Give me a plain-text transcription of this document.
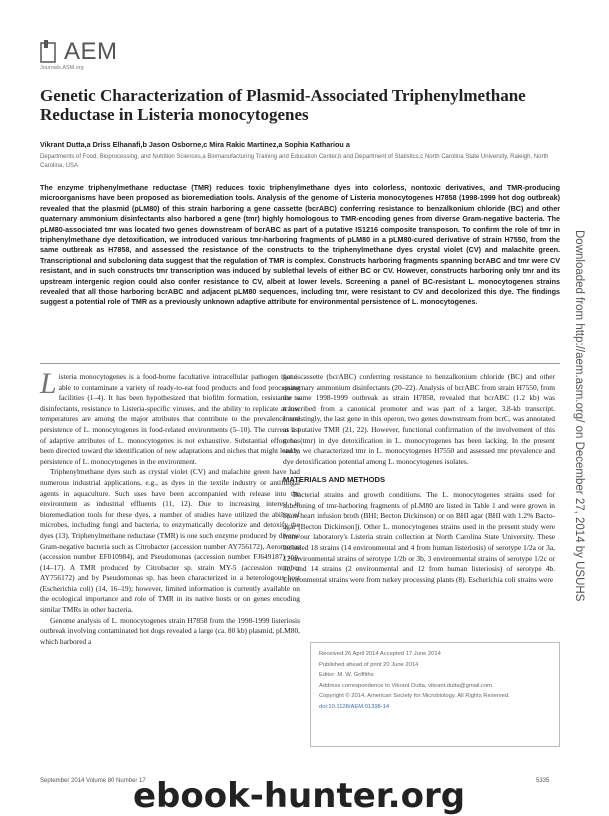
AEM
Journals.ASM.org
Genetic Characterization of Plasmid-Associated Triphenylmethane Reductase in Listeria monocytogenes
Vikrant Dutta,a Driss Elhanafi,b Jason Osborne,c Mira Rakic Martinez,a Sophia Kathariou a
Departments of Food, Bioprocessing, and Nutrition Sciences,a Biomanufacturing Training and Education Center,b and Department of Statistics,c North Carolina State University, Raleigh, North Carolina, USA
The enzyme triphenylmethane reductase (TMR) reduces toxic triphenylmethane dyes into colorless, nontoxic derivatives, and TMR-producing microorganisms have been proposed as bioremediation tools. Analysis of the genome of Listeria monocytogenes H7858 (1998-1999 hot dog outbreak) revealed that the plasmid (pLM80) of this strain harboring a gene cassette (bcrABC) conferring resistance to benzalkonium chloride (BC) and other quaternary ammonium disinfectants also harbored a gene (tmr) highly homologous to TMR-encoding genes from diverse Gram-negative bacteria. The pLM80-associated tmr was located two genes downstream of bcrABC as part of a putative IS1216 composite transposon. To confirm the role of tmr in triphenylmethane dye detoxification, we introduced various tmr-harboring fragments of pLM80 in a pLM80-cured derivative of strain H7550, from the same outbreak as H7858, and assessed the resistance of the constructs to the triphenylmethane dyes crystal violet (CV) and malachite green. Transcriptional and subcloning data suggest that the regulation of TMR is complex. Constructs harboring fragments spanning bcrABC and tmr were CV resistant, and in such constructs tmr transcription was induced by sublethal levels of either BC or CV. However, constructs harboring only tmr and its upstream intergenic region could also confer resistance to CV, albeit at lower levels. Screening a panel of BC-resistant L. monocytogenes strains revealed that all those harboring bcrABC and adjacent pLM80 sequences, including tmr, were resistant to CV and decolorized this dye. The findings suggest a potential role of TMR as a previously unknown adaptive attribute for environmental persistence of L. monocytogenes.

Listeria monocytogenes is a food-borne facultative intracellular pathogen that is able to contaminate a variety of ready-to-eat food products and food processing facilities (1–4). It has been hypothesized that biofilm formation, resistance to disinfectants, resistance to Listeria-specific viruses, and the ability to replicate at low temperatures are among the major attributes that contribute to the prevalence and persistence of L. monocytogenes in food-related environments (5–10). The current list of adaptive attributes of L. monocytogenes is not exhaustive. Substantial effort has been directed toward the identification of new adaptations and niches that might lead to persistence of L. monocytogenes in the environment.

Triphenylmethane dyes such as crystal violet (CV) and malachite green have had numerous industrial applications, e.g., as dyes in the textile industry or antifungal agents in aquaculture. Such uses have been accompanied with release into the environment as industrial effluents (11, 12). Due to increasing interest in bioremediation tools for these dyes, a number of studies have utilized the ability of microbes, including fungi and bacteria, to enzymatically decolorize and detoxify the dyes (13). Triphenylmethane reductase (TMR) is one such enzyme produced by diverse Gram-negative bacteria such as Citrobacter (accession number AY756172), Aeromonas (accession number EF010984), and Pseudomonas (accession number FJ649187) spp. (14–17). A TMR produced by Citrobacter sp. strain MY-5 (accession number AY756172) and by Pseudomonas sp. has been characterized in a heterologous host (Escherichia coli) (14, 16–19); however, limited information is currently available on the ecological importance and role of TMR in its native hosts or on genes encoding similar TMRs in other bacteria.

Genome analysis of L. monocytogenes strain H7858 from the 1998-1999 listeriosis outbreak involving contaminated hot dogs revealed a large (ca. 80 kb) plasmid, pLM80, which harbored a

gene cassette (bcrABC) conferring resistance to benzalkonium chloride (BC) and other quaternary ammonium disinfectants (20–22). Analysis of bcrABC from strain H7550, from the same 1998-1999 outbreak as strain H7858, revealed that bcrABC (1.2 kb) was transcribed from a canonical promoter and was part of a larger, 3.8-kb transcript. Interestingly, the last gene in this operon, two genes downstream from bcrC, was annotated as a putative TMR (21, 22). However, functional confirmation of the involvement of this gene (tmr) in dye detoxification in L. monocytogenes has been lacking. In the present study, we characterized tmr in L. monocytogenes H7550 and assessed tmr prevalence and dye detoxification potential among L. monocytogenes isolates.

MATERIALS AND METHODS

Bacterial strains and growth conditions. The L. monocytogenes strains used for subcloning of tmr-harboring fragments of pLM80 are listed in Table 1 and were grown in brain heart infusion broth (BHI; Becton Dickinson) or on BHI agar (BHI with 1.2% Bacto-agar [Becton Dickinson]). Other L. monocytogenes strains used in the present study were from our laboratory's Listeria strain collection at North Carolina State University. These included 18 strains (14 environmental and 4 from human listeriosis) of serotype 1/2a or 3a, 12 environmental strains of serotype 1/2b or 3b, 3 environmental strains of serotype 1/2c or 3c, and 14 strains (2 environmental and 12 from human listeriosis) of serotype 4b. Environmental strains were from turkey processing plants (8). Escherichia coli strains were

Received 26 April 2014 Accepted 17 June 2014
Published ahead of print 20 June 2014
Editor: M. W. Griffiths
Address correspondence to Vikrant Dutta, vikrant.dutta@gmail.com.
Copyright © 2014, American Society for Microbiology. All Rights Reserved.
doi:10.1128/AEM.01398-14
September 2014 Volume 80 Number 17	5335
ebook-hunter.org
Downloaded from http://aem.asm.org/ on December 27, 2014 by USUHS
